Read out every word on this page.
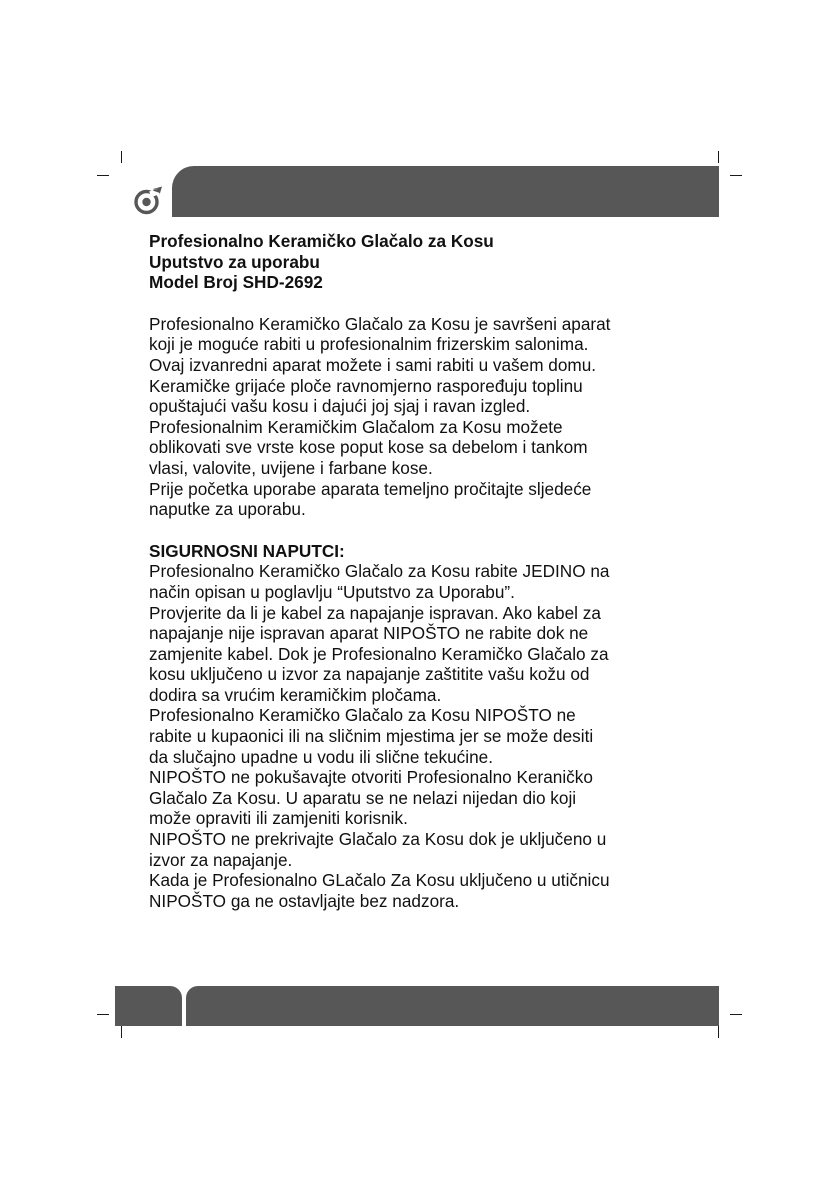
Profesionalno Keramičko Glačalo za Kosu

Uputstvo za uporabu

Model Broj SHD-2692

Profesionalno Keramičko Glačalo za Kosu je savršeni aparat

koji je moguće rabiti u profesionalnim frizerskim salonima.

Ovaj izvanredni aparat možete i sami rabiti u vašem domu.

Keramičke grijaće ploče ravnomjerno raspoređuju toplinu

opuštajući vašu kosu i dajući joj sjaj i ravan izgled.

Profesionalnim Keramičkim Glačalom za Kosu možete

oblikovati sve vrste kose poput kose sa debelom i tankom

vlasi, valovite, uvijene i farbane kose.

Prije početka uporabe aparata temeljno pročitajte sljedeće

naputke za uporabu.

SIGURNOSNI NAPUTCI:

Profesionalno Keramičko Glačalo za Kosu rabite JEDINO na

način opisan u poglavlju “Uputstvo za Uporabu”.

Provjerite da li je kabel za napajanje ispravan. Ako kabel za

napajanje nije ispravan aparat NIPOŠTO ne rabite dok ne

zamjenite kabel. Dok je Profesionalno Keramičko Glačalo za

kosu uključeno u izvor za napajanje zaštitite vašu kožu od

dodira sa vrućim keramičkim pločama.

Profesionalno Keramičko Glačalo za Kosu NIPOŠTO ne

rabite u kupaonici ili na sličnim mjestima jer se može desiti

da slučajno upadne u vodu ili slične tekućine.

NIPOŠTO ne pokušavajte otvoriti Profesionalno Keraničko

Glačalo Za Kosu. U aparatu se ne nelazi nijedan dio koji

može opraviti ili zamjeniti korisnik.

NIPOŠTO ne prekrivajte Glačalo za Kosu dok je uključeno u

izvor za napajanje.

Kada je Profesionalno GLačalo Za Kosu uključeno u utičnicu

NIPOŠTO ga ne ostavljajte bez nadzora.
